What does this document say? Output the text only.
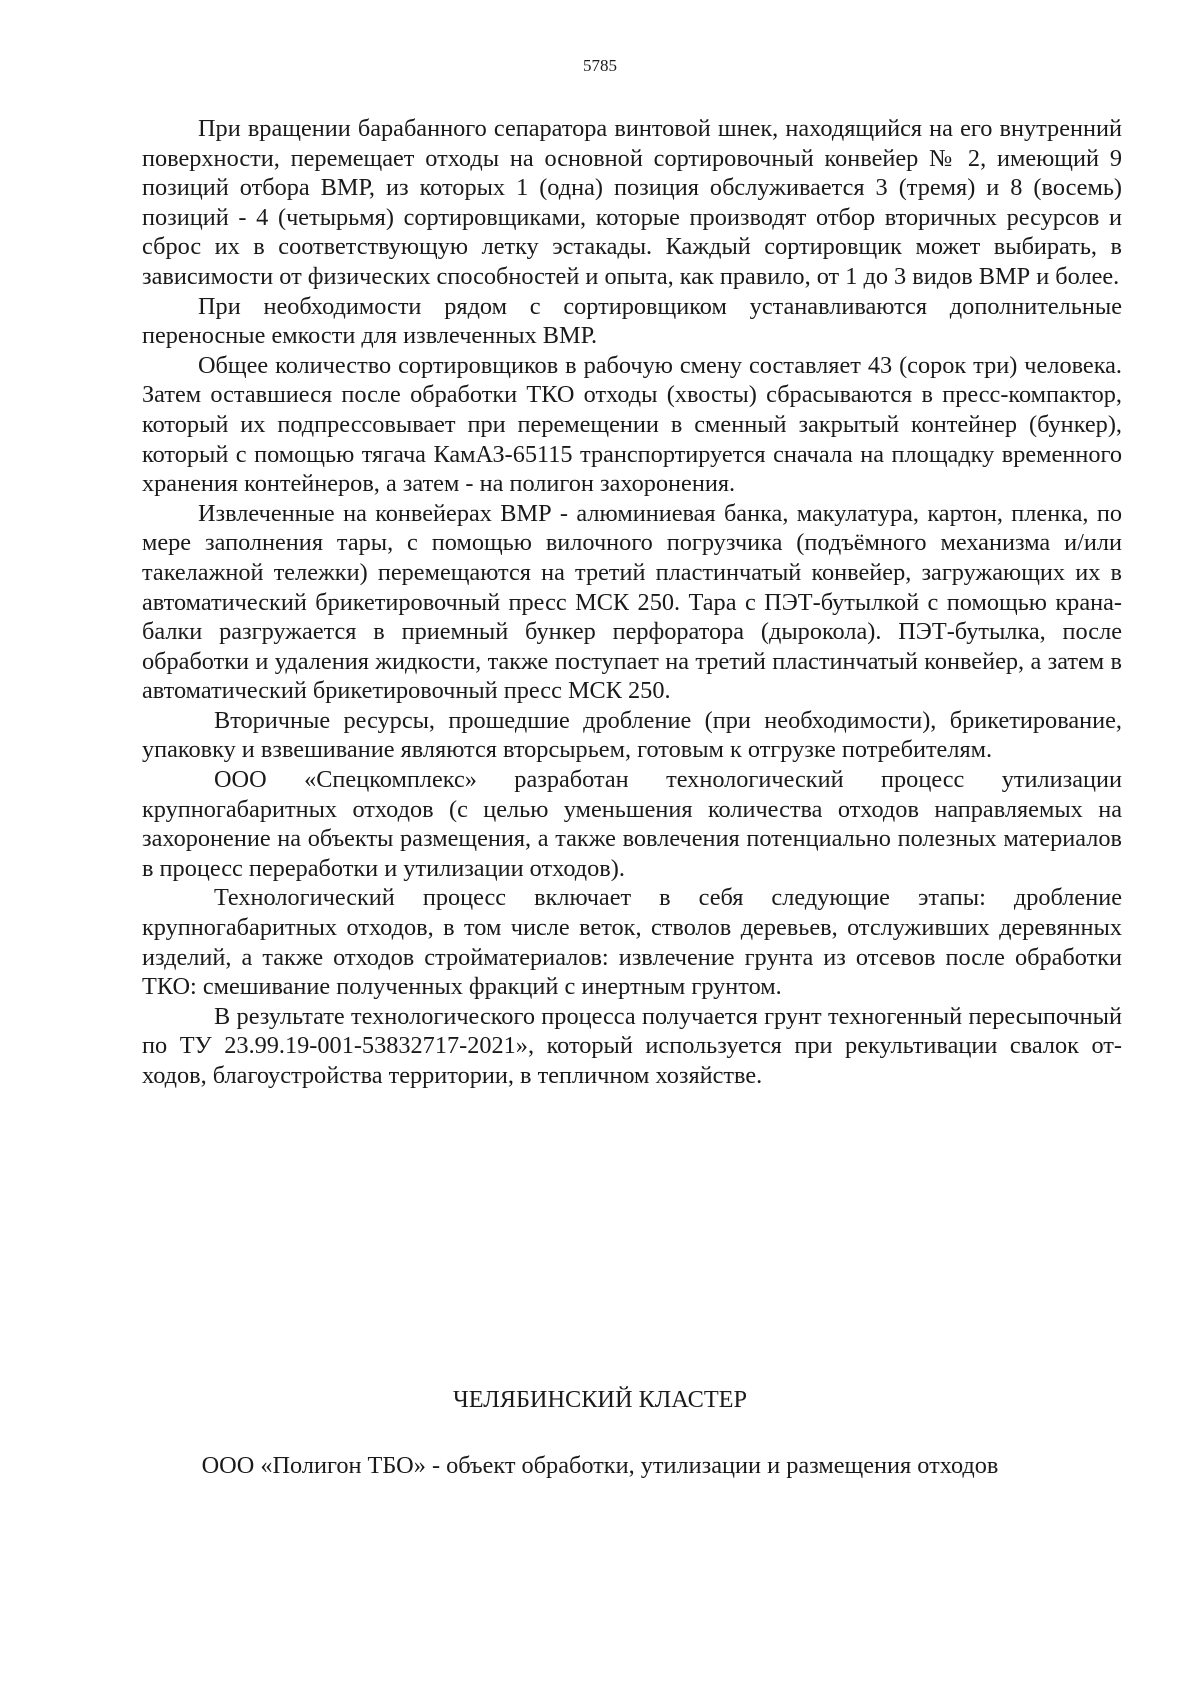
5785

При вращении барабанного сепаратора винтовой шнек, находящийся на его внутренний поверхности, перемещает отходы на основной сортировочный конвейер № 2, имеющий 9 позиций отбора ВМР, из которых 1 (одна) позиция обслуживается 3 (тремя) и 8 (восемь) позиций - 4 (четырьмя) сортировщиками, которые производят отбор вторичных ресурсов и сброс их в соответствующую летку эстакады. Каждый сортировщик может выбирать, в зависимости от физических способностей и опыта, как правило, от 1 до 3 видов ВМР и более.

При необходимости рядом с сортировщиком устанавливаются дополнительные переносные емкости для извлеченных ВМР.

Общее количество сортировщиков в рабочую смену составляет 43 (сорок три) человека. Затем оставшиеся после обработки ТКО отходы (хвосты) сбрасываются в пресс-компактор, который их подпрессовывает при перемещении в сменный закрытый контейнер (бункер), который с помощью тягача КамАЗ-65115 транспортируется сначала на площадку временного хранения контейнеров, а затем - на полигон захоронения.

Извлеченные на конвейерах ВМР - алюминиевая банка, макулатура, картон, пленка, по мере заполнения тары, с помощью вилочного погрузчика (подъёмного механизма и/или такелажной тележки) перемещаются на третий пластинчатый конвейер, загружающих их в автоматический брикетировочный пресс МСК 250. Тара с ПЭТ-бутылкой с помощью крана-балки разгружается в приемный бункер перфоратора (дырокола). ПЭТ-бутылка, после обработки и удаления жидкости, также поступает на третий пластинчатый конвейер, а затем в автоматический брикетировочный пресс МСК 250.

Вторичные ресурсы, прошедшие дробление (при необходимости), брикетирование, упаковку и взвешивание являются вторсырьем, готовым к отгрузке потребителям.

ООО «Спецкомплекс» разработан технологический процесс утилизации крупногабаритных отходов (с целью уменьшения количества отходов направляемых на захоронение на объекты размещения, а также вовлечения потенциально полезных материалов в процесс переработки и утилизации отходов).

Технологический процесс включает в себя следующие этапы: дробление крупногабаритных отходов, в том числе веток, стволов деревьев, отслуживших деревянных изделий, а также отходов стройматериалов: извлечение грунта из отсевов после обработки ТКО: смешивание полученных фракций с инертным грунтом.

В результате технологического процесса получается грунт техногенный пересыпочный по ТУ 23.99.19-001-53832717-2021», который используется при рекультивации свалок от-ходов, благоустройства территории, в тепличном хозяйстве.

ЧЕЛЯБИНСКИЙ КЛАСТЕР
ООО «Полигон ТБО» - объект обработки, утилизации и размещения отходов
